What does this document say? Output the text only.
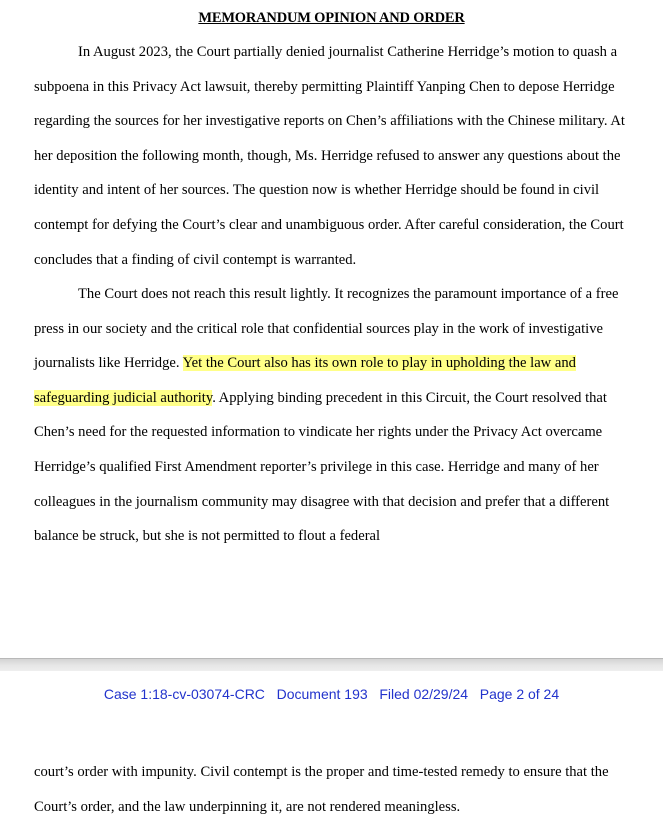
MEMORANDUM OPINION AND ORDER

In August 2023, the Court partially denied journalist Catherine Herridge’s motion to quash a subpoena in this Privacy Act lawsuit, thereby permitting Plaintiff Yanping Chen to depose Herridge regarding the sources for her investigative reports on Chen’s affiliations with the Chinese military. At her deposition the following month, though, Ms. Herridge refused to answer any questions about the identity and intent of her sources. The question now is whether Herridge should be found in civil contempt for defying the Court’s clear and unambiguous order. After careful consideration, the Court concludes that a finding of civil contempt is warranted.

The Court does not reach this result lightly. It recognizes the paramount importance of a free press in our society and the critical role that confidential sources play in the work of investigative journalists like Herridge. Yet the Court also has its own role to play in upholding the law and safeguarding judicial authority. Applying binding precedent in this Circuit, the Court resolved that Chen’s need for the requested information to vindicate her rights under the Privacy Act overcame Herridge’s qualified First Amendment reporter’s privilege in this case. Herridge and many of her colleagues in the journalism community may disagree with that decision and prefer that a different balance be struck, but she is not permitted to flout a federal

Case 1:18-cv-03074-CRC Document 193 Filed 02/29/24 Page 2 of 24

court’s order with impunity. Civil contempt is the proper and time-tested remedy to ensure that the Court’s order, and the law underpinning it, are not rendered meaningless.
